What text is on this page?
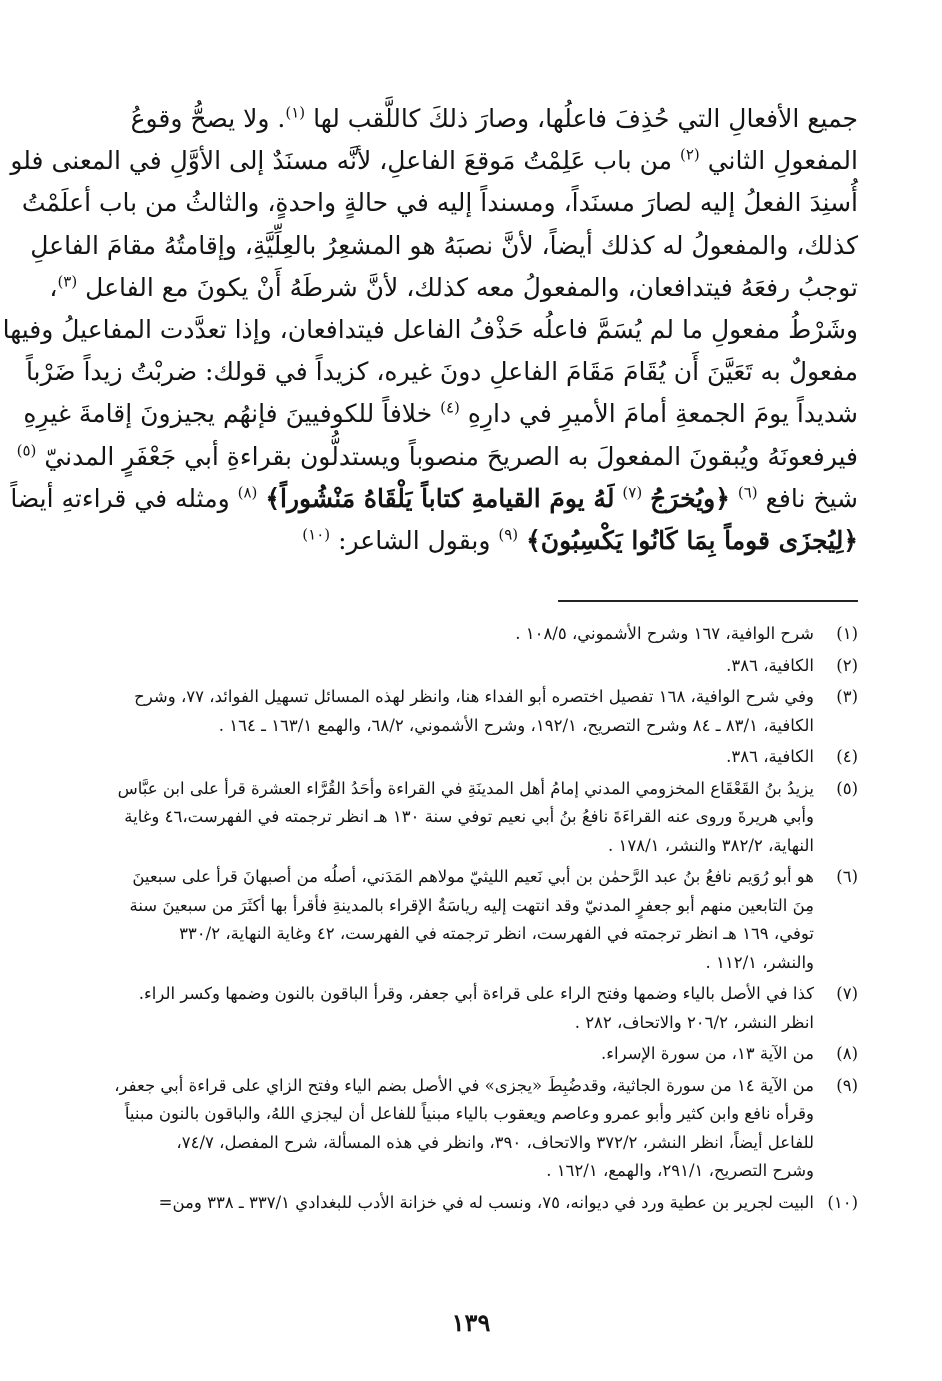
جميع الأفعالِ التي حُذِفَ فاعلُها، وصارَ ذلكَ كاللَّقب لها $^{(١)}$. ولا يصحُّ وقوعُ
المفعولِ الثاني $^{(٢)}$ من باب عَلِمْتُ مَوقعَ الفاعلِ، لأنَّه مسنَدٌ إلى الأوَّلِ في المعنى فلو
أُسنِدَ الفعلُ إليه لصارَ مسنَداً، ومسنداً إليه في حالةٍ واحدةٍ، والثالثُ من باب أعلَمْتُ
كذلك، والمفعولُ له كذلك أيضاً، لأنَّ نصبَهُ هو المشعِرُ بالعِلِّيَّةِ، وإقامتُهُ مقامَ الفاعلِ
توجبُ رفعَهُ فيتدافعان، والمفعولُ معه كذلك، لأنَّ شرطَهُ أَنْ يكونَ مع الفاعل $^{(٣)}$،
وشَرْطُ مفعولِ ما لم يُسَمَّ فاعلُه حَذْفُ الفاعل فيتدافعان، وإذا تعدَّدت المفاعيلُ وفيها
مفعولٌ به تَعَيَّنَ أَن يُقَامَ مَقَامَ الفاعلِ دونَ غيره، كزيداً في قولك: ضربْتُ زيداً ضَرْباً
شديداً يومَ الجمعةِ أمامَ الأميرِ في دارِهِ $^{(٤)}$ خلافاً للكوفيينَ فإنهُم يجيزونَ إقامةَ غيرِهِ
فيرفعونَهُ ويُبقونَ المفعولَ به الصريحَ منصوباً ويستدلُّون بقراءةِ أبي جَعْفَرٍ المدنيّ $^{(٥)}$
شيخ نافع $^{(٦)}$ ﴿ويُخرَجُ $^{(٧)}$ لَهُ يومَ القيامةِ كتاباً يَلْقَاهُ مَنْشُوراً﴾ $^{(٨)}$ ومثله في قراءتهِ أيضاً
﴿لِيُجزَى قوماً بِمَا كَانُوا يَكْسِبُونَ﴾ $^{(٩)}$ وبقول الشاعر: $^{(١٠)}$
(١)
شرح الوافية، ١٦٧ وشرح الأشموني، ١٠٨/٥ .
(٢)
الكافية، ٣٨٦.
(٣)
وفي شرح الوافية، ١٦٨ تفصيل اختصره أبو الفداء هنا، وانظر لهذه المسائل تسهيل الفوائد، ٧٧، وشرح
الكافية، ٨٣/١ ـ ٨٤ وشرح التصريح، ١٩٢/١، وشرح الأشموني، ٦٨/٢، والهمع ١٦٣/١ ـ ١٦٤ .
(٤)
الكافية، ٣٨٦.
(٥)
يزيدُ بنُ القَعْقَاع المخزومي المدني إمامُ أهل المدينَةِ في القراءة وأحَدُ القُرَّاء العشرة قرأ على ابن عبَّاس
وأبي هريرةَ وروى عنه القراءَةَ نافعُ بنُ أبي نعيم توفي سنة ١٣٠ هـ انظر ترجمته في الفهرست،٤٦ وغاية
النهاية، ٣٨٢/٢ والنشر، ١٧٨/١ .
(٦)
هو أبو رُوَيم نافعُ بنُ عبد الرَّحمٰن بن أبي نَعيم الليثيّ مولاهم المَدَني، أصلُه من أصبهانَ قرأ على سبعينَ
مِنَ التابعين منهم أبو جعفرٍ المدنيّ وقد انتهت إليه رياسَةُ الإقراء بالمدينةِ فأقرأ بها أكثَرَ من سبعينَ سنة
توفي، ١٦٩ هـ انظر ترجمته في الفهرست، انظر ترجمته في الفهرست، ٤٢ وغاية النهاية، ٣٣٠/٢
والنشر، ١١٢/١ .
(٧)
كذا في الأصل بالياء وضمها وفتح الراء على قراءة أبي جعفر، وقرأ الباقون بالنون وضمها وكسر الراء.
انظر النشر، ٢٠٦/٢ والاتحاف، ٢٨٢ .
(٨)
من الآية ١٣، من سورة الإسراء.
(٩)
من الآية ١٤ من سورة الجاثية، وقدضُبِطَ «يجزى» في الأصل بضم الياء وفتح الزاي على قراءة أبي جعفر،
وقرأه نافع وابن كثير وأبو عمرو وعاصم ويعقوب بالياء مبنياً للفاعل أن ليجزي اللهُ، والباقون بالنون مبنياً
للفاعل أيضاً، انظر النشر، ٣٧٢/٢ والاتحاف، ٣٩٠، وانظر في هذه المسألة، شرح المفصل، ٧٤/٧،
وشرح التصريح، ٢٩١/١، والهمع، ١٦٢/١ .
(١٠)
البيت لجرير بن عطية ورد في ديوانه، ٧٥، ونسب له في خزانة الأدب للبغدادي ٣٣٧/١ ـ ٣٣٨ ومن=
١٣٩
